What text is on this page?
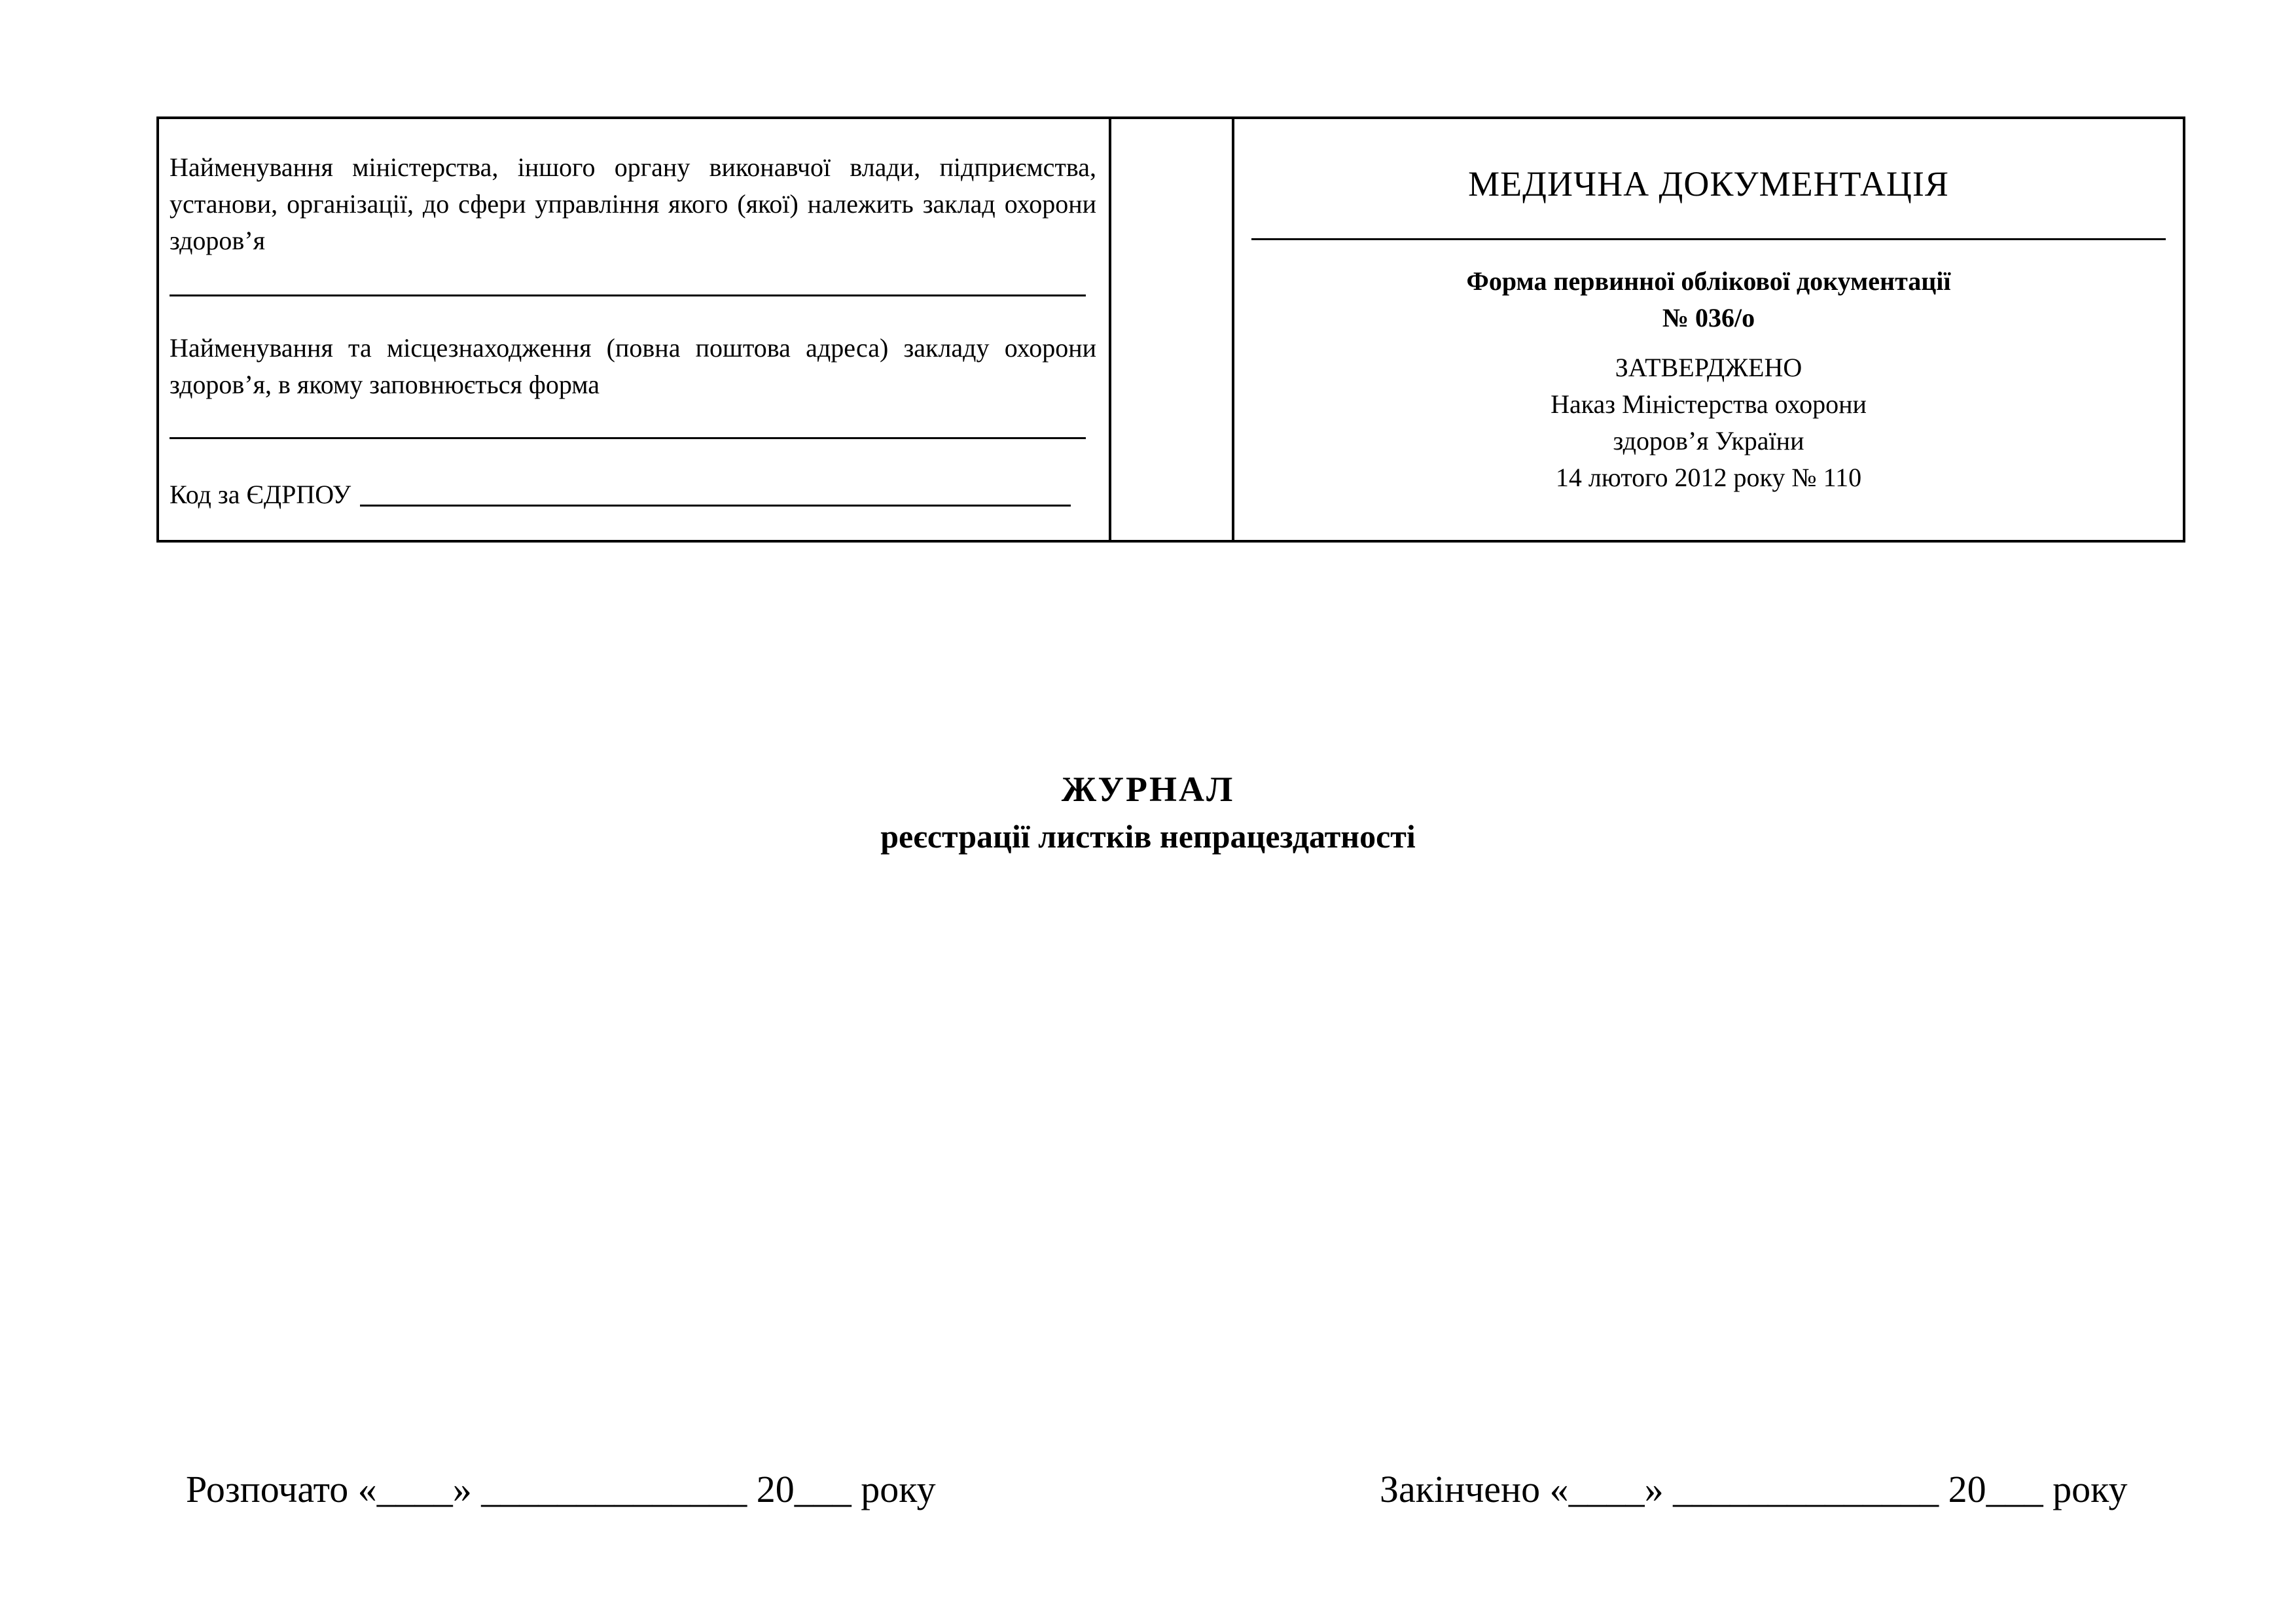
Найменування міністерства, іншого органу виконавчої влади, підприємства, установи, організації, до сфери управління якого (якої) належить заклад охорони здоров’я
Найменування та місцезнаходження (повна поштова адреса) закладу охорони здоров’я, в якому заповнюється форма
Код за ЄДРПОУ
МЕДИЧНА ДОКУМЕНТАЦІЯ
Форма первинної облікової документації
№ 036/о
ЗАТВЕРДЖЕНО
Наказ Міністерства охорони
здоров’я України
14 лютого 2012 року № 110
ЖУРНАЛ
реєстрації листків непрацездатності
Розпочато «____» ______________ 20___ року	Закінчено «____» ______________ 20___ року
